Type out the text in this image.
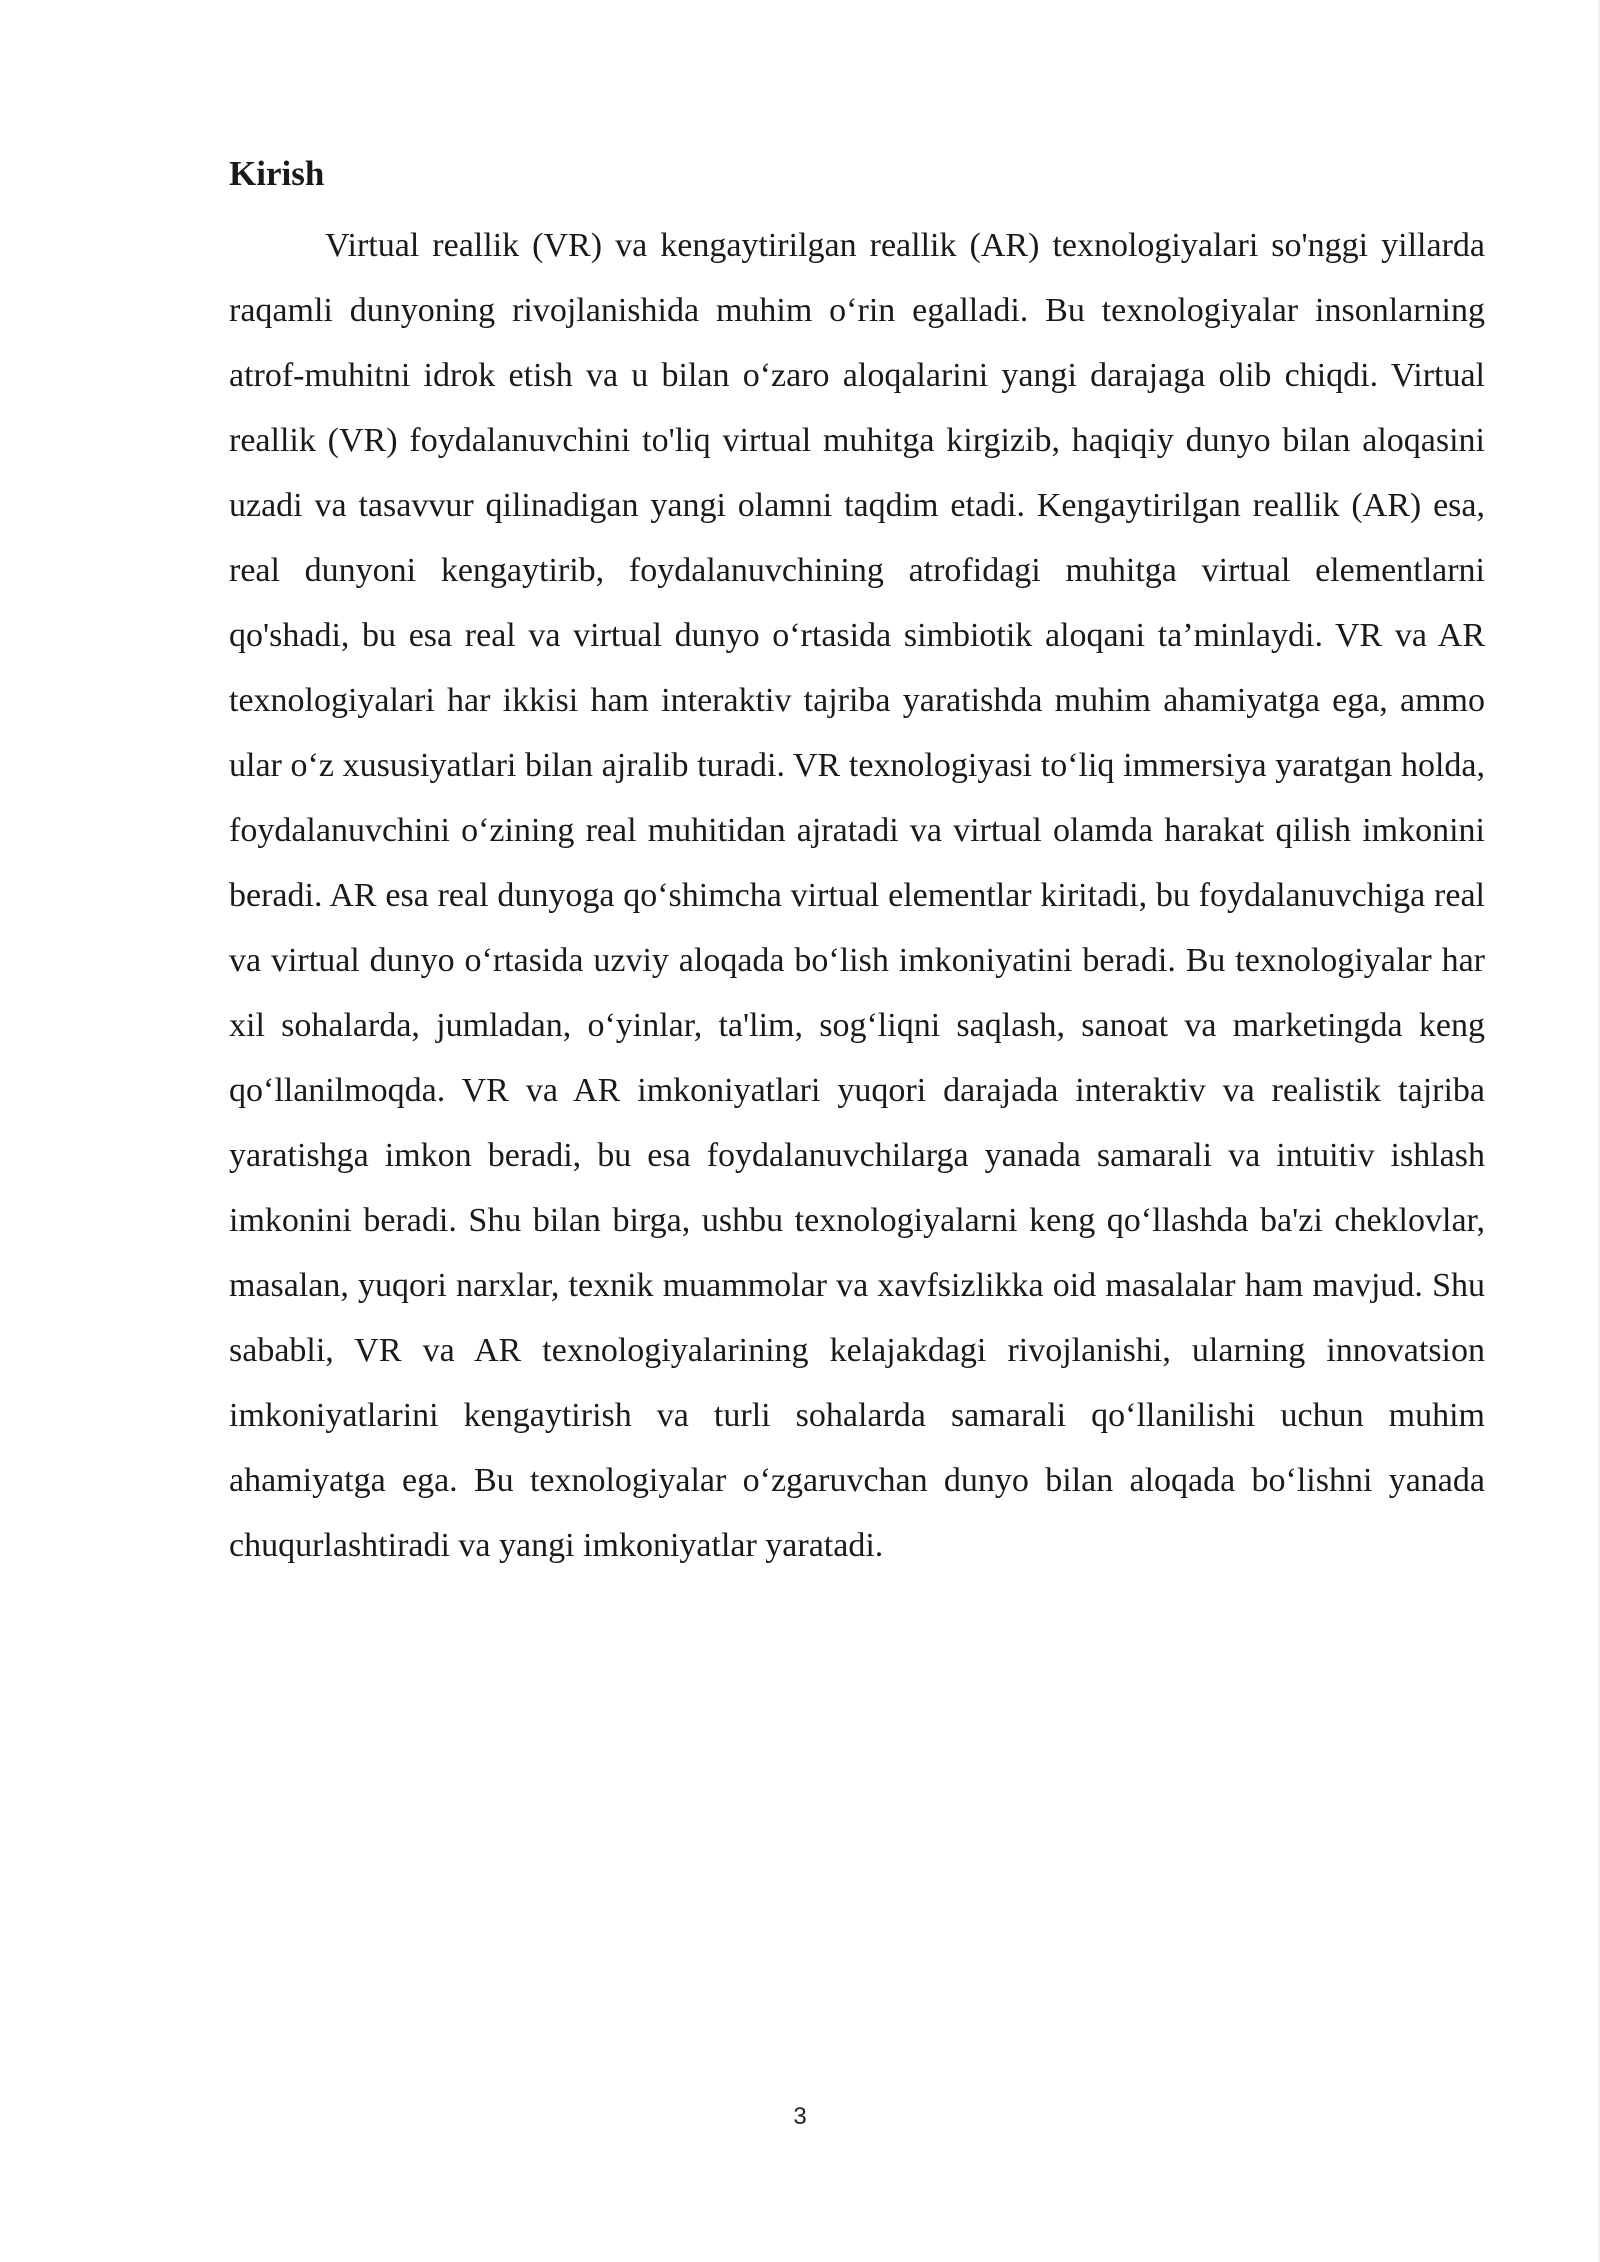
Kirish

Virtual reallik (VR) va kengaytirilgan reallik (AR) texnologiyalari so'nggi yillarda raqamli dunyoning rivojlanishida muhim o‘rin egalladi. Bu texnologiyalar insonlarning atrof-muhitni idrok etish va u bilan o‘zaro aloqalarini yangi darajaga olib chiqdi. Virtual reallik (VR) foydalanuvchini to'liq virtual muhitga kirgizib, haqiqiy dunyo bilan aloqasini uzadi va tasavvur qilinadigan yangi olamni taqdim etadi. Kengaytirilgan reallik (AR) esa, real dunyoni kengaytirib, foydalanuvchining atrofidagi muhitga virtual elementlarni qo'shadi, bu esa real va virtual dunyo o‘rtasida simbiotik aloqani ta’minlaydi. VR va AR texnologiyalari har ikkisi ham interaktiv tajriba yaratishda muhim ahamiyatga ega, ammo ular o‘z xususiyatlari bilan ajralib turadi. VR texnologiyasi to‘liq immersiya yaratgan holda, foydalanuvchini o‘zining real muhitidan ajratadi va virtual olamda harakat qilish imkonini beradi. AR esa real dunyoga qo‘shimcha virtual elementlar kiritadi, bu foydalanuvchiga real va virtual dunyo o‘rtasida uzviy aloqada bo‘lish imkoniyatini beradi. Bu texnologiyalar har xil sohalarda, jumladan, o‘yinlar, ta'lim, sog‘liqni saqlash, sanoat va marketingda keng qo‘llanilmoqda. VR va AR imkoniyatlari yuqori darajada interaktiv va realistik tajriba yaratishga imkon beradi, bu esa foydalanuvchilarga yanada samarali va intuitiv ishlash imkonini beradi. Shu bilan birga, ushbu texnologiyalarni keng qo‘llashda ba'zi cheklovlar, masalan, yuqori narxlar, texnik muammolar va xavfsizlikka oid masalalar ham mavjud. Shu sababli, VR va AR texnologiyalarining kelajakdagi rivojlanishi, ularning innovatsion imkoniyatlarini kengaytirish va turli sohalarda samarali qo‘llanilishi uchun muhim ahamiyatga ega. Bu texnologiyalar o‘zgaruvchan dunyo bilan aloqada bo‘lishni yanada chuqurlashtiradi va yangi imkoniyatlar yaratadi.

3
